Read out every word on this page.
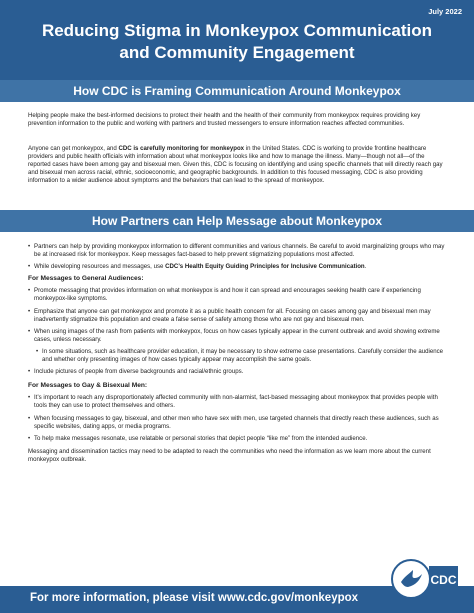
July 2022
Reducing Stigma in Monkeypox Communication
and Community Engagement
How CDC is Framing Communication Around Monkeypox
Helping people make the best-informed decisions to protect their health and the health of their community from monkeypox requires providing key prevention information to the public and working with partners and trusted messengers to ensure information reaches affected communities.
Anyone can get monkeypox, and CDC is carefully monitoring for monkeypox in the United States. CDC is working to provide frontline healthcare providers and public health officials with information about what monkeypox looks like and how to manage the illness. Many—though not all—of the reported cases have been among gay and bisexual men. Given this, CDC is focusing on identifying and using specific channels that will directly reach gay and bisexual men across racial, ethnic, socioeconomic, and geographic backgrounds. In addition to this focused messaging, CDC is also providing information to a wider audience about symptoms and the behaviors that can lead to the spread of monkeypox.
How Partners can Help Message about Monkeypox
• Partners can help by providing monkeypox information to different communities and various channels. Be careful to avoid marginalizing groups who may be at increased risk for monkeypox. Keep messages fact-based to help prevent stigmatizing populations most affected.
• While developing resources and messages, use CDC’s Health Equity Guiding Principles for Inclusive Communication.
For Messages to General Audiences:
• Promote messaging that provides information on what monkeypox is and how it can spread and encourages seeking health care if experiencing monkeypox-like symptoms.
• Emphasize that anyone can get monkeypox and promote it as a public health concern for all. Focusing on cases among gay and bisexual men may inadvertently stigmatize this population and create a false sense of safety among those who are not gay and bisexual men.
• When using images of the rash from patients with monkeypox, focus on how cases typically appear in the current outbreak and avoid showing extreme cases, unless necessary.
• In some situations, such as healthcare provider education, it may be necessary to show extreme case presentations. Carefully consider the audience and whether only presenting images of how cases typically appear may accomplish the same goals.
• Include pictures of people from diverse backgrounds and racial/ethnic groups.
For Messages to Gay & Bisexual Men:
• It’s important to reach any disproportionately affected community with non-alarmist, fact-based messaging about monkeypox that provides people with tools they can use to protect themselves and others.
• When focusing messages to gay, bisexual, and other men who have sex with men, use targeted channels that directly reach these audiences, such as specific websites, dating apps, or media programs.
• To help make messages resonate, use relatable or personal stories that depict people “like me” from the intended audience.
Messaging and dissemination tactics may need to be adapted to reach the communities who need the information as we learn more about the current monkeypox outbreak.
For more information, please visit www.cdc.gov/monkeypox
CDC
